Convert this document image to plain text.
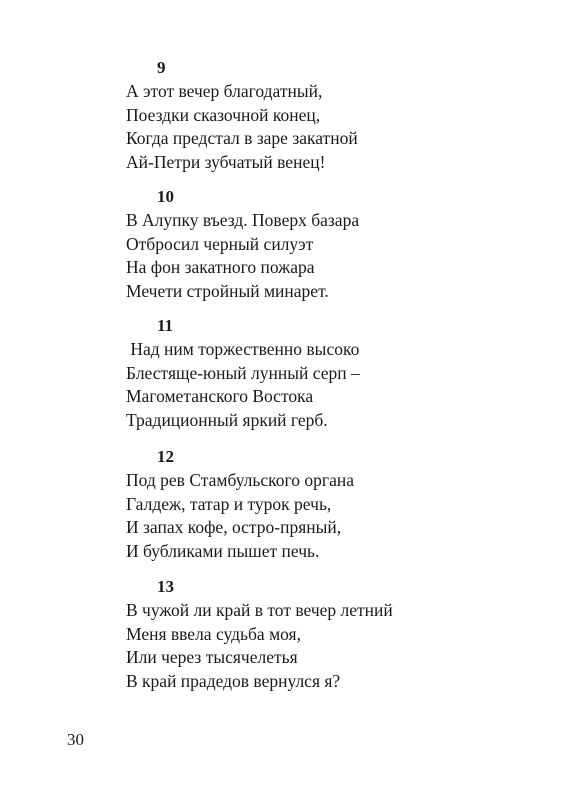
9
А этот вечер благодатный,
Поездки сказочной конец,
Когда предстал в заре закатной
Ай-Петри зубчатый венец!
10
В Алупку въезд. Поверх базара
Отбросил черный силуэт
На фон закатного пожара
Мечети стройный минарет.
11
Над ним торжественно высоко
Блестяще-юный лунный серп –
Магометанского Востока
Традиционный яркий герб.
12
Под рев Стамбульского органа
Галдеж, татар и турок речь,
И запах кофе, остро-пряный,
И бубликами пышет печь.
13
В чужой ли край в тот вечер летний
Меня ввела судьба моя,
Или через тысячелетья
В край прадедов вернулся я?
30
